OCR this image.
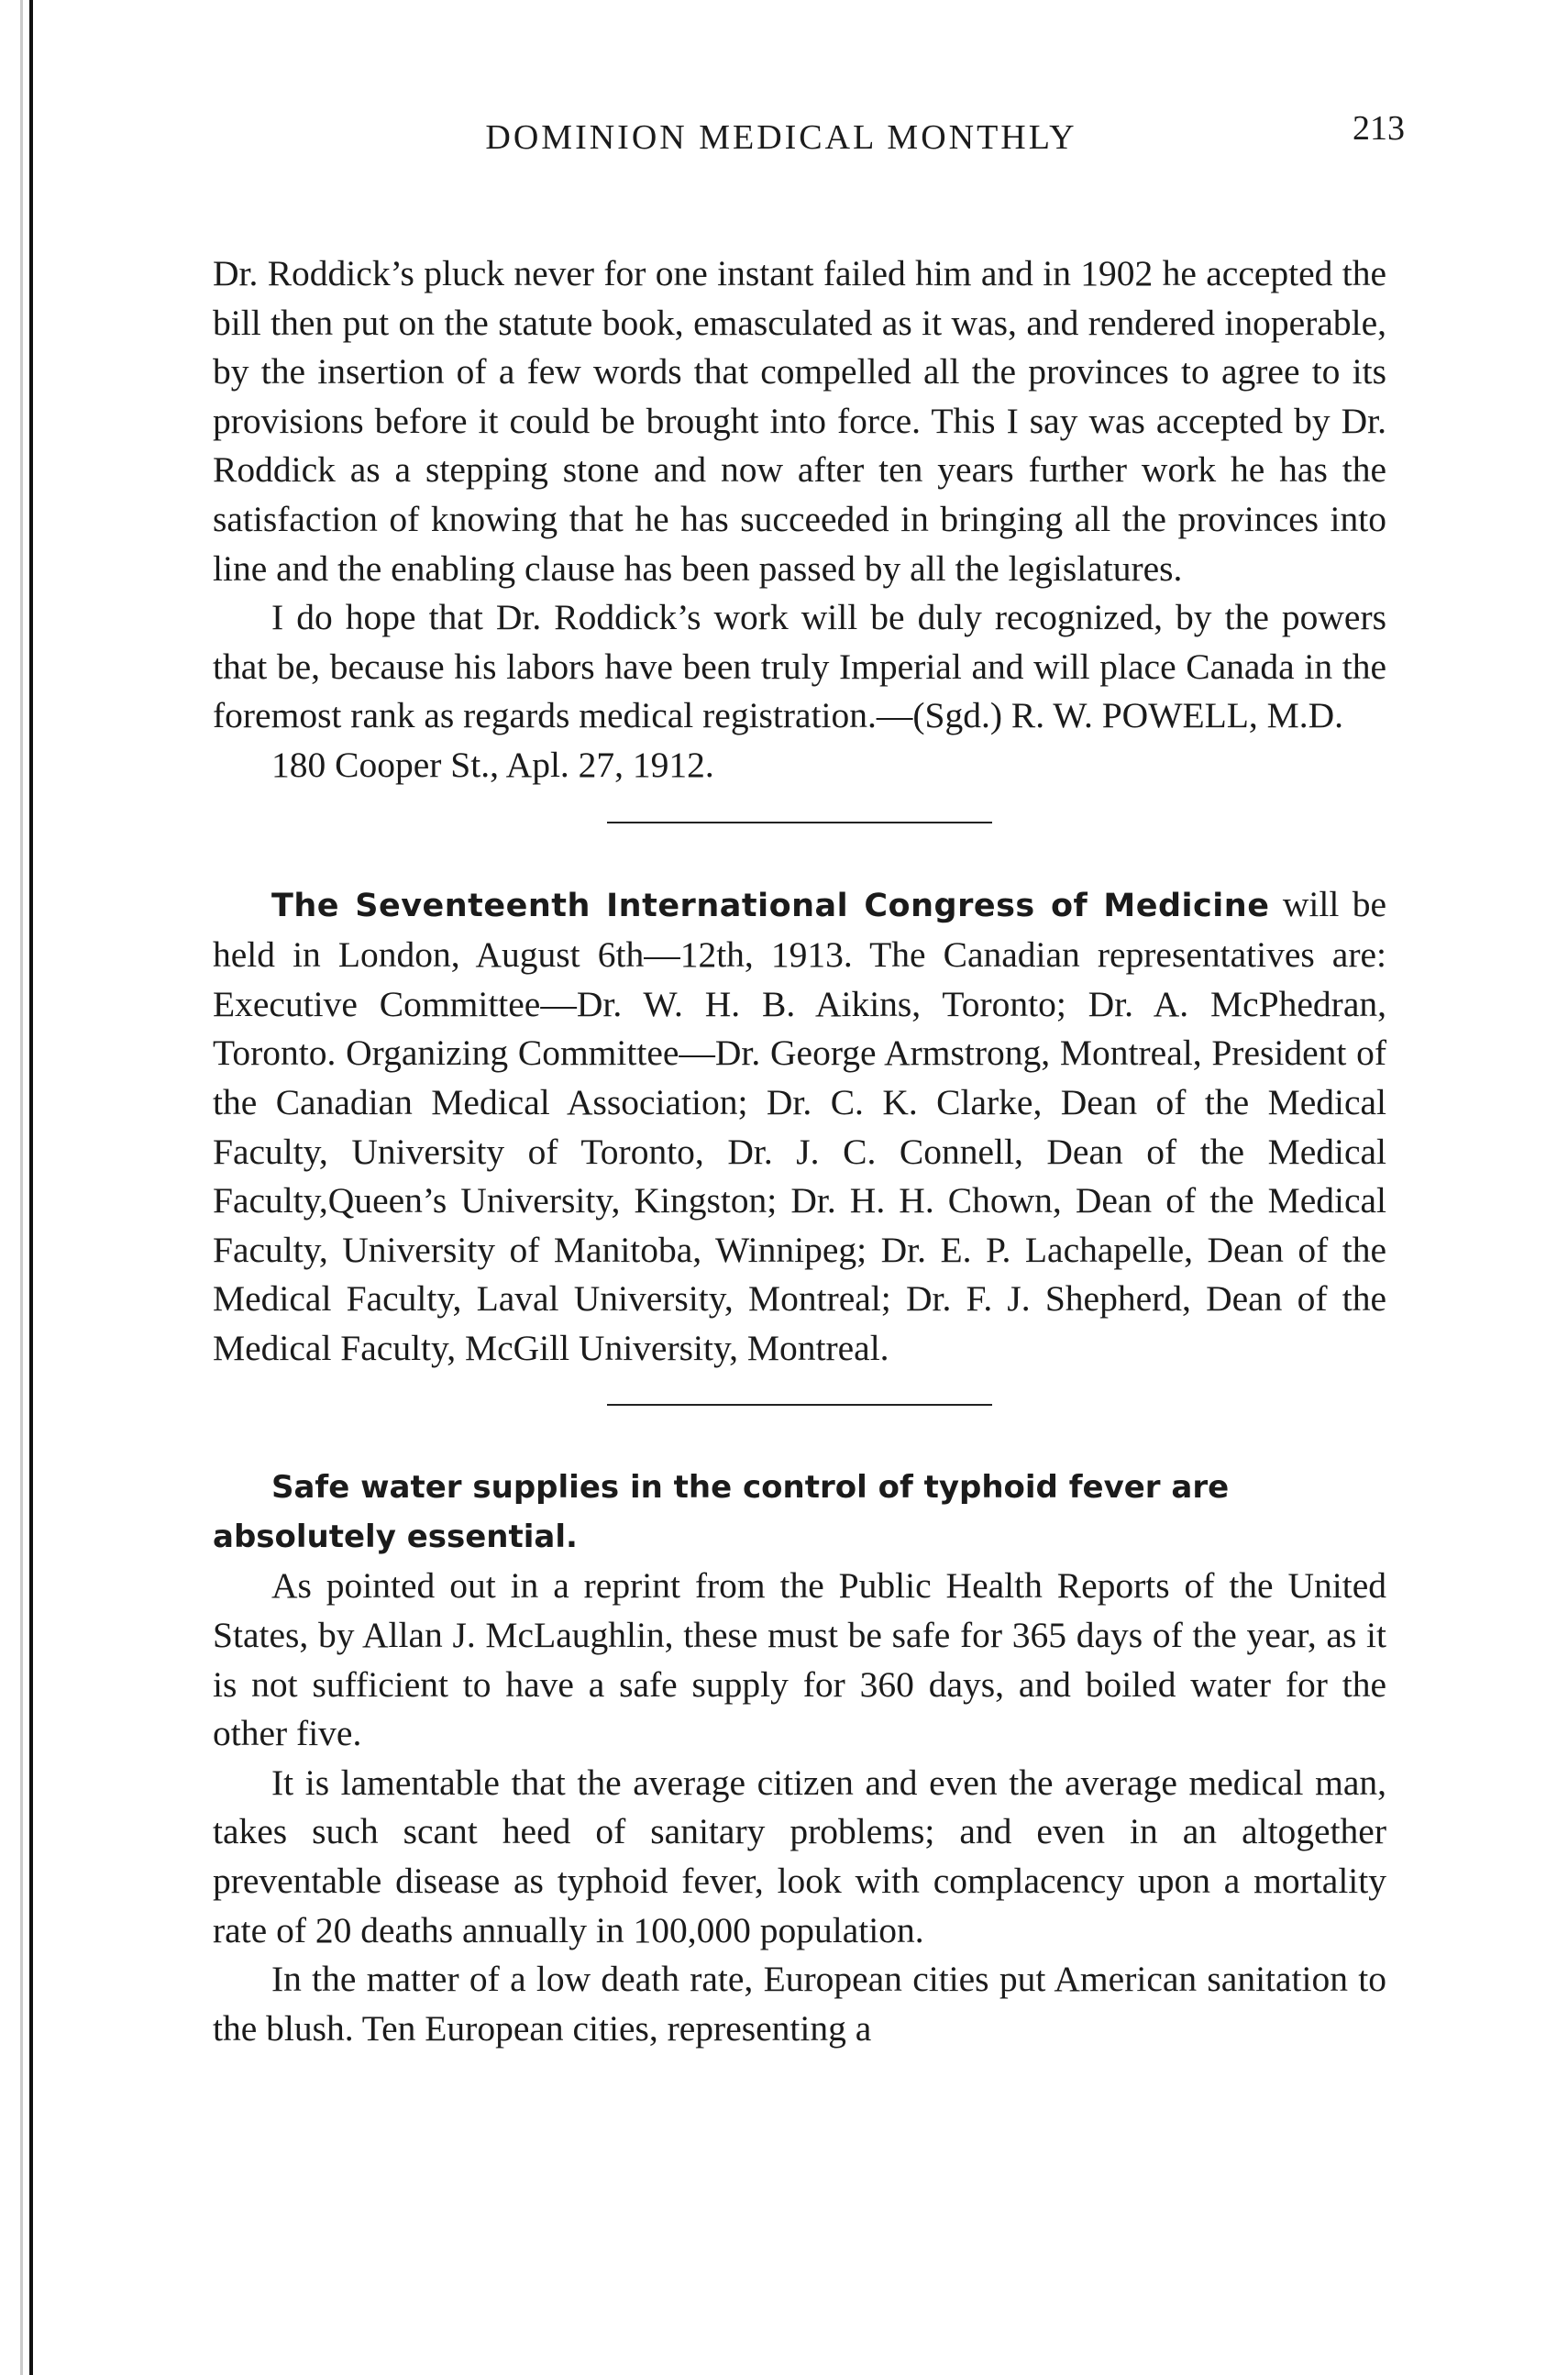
DOMINION MEDICAL MONTHLY	213

Dr. Roddick’s pluck never for one instant failed him and in 1902 he accepted the bill then put on the statute book, emasculated as it was, and rendered inoperable, by the insertion of a few words that compelled all the provinces to agree to its provisions before it could be brought into force. This I say was accepted by Dr. Roddick as a stepping stone and now after ten years further work he has the satisfaction of knowing that he has succeeded in bringing all the provinces into line and the enabling clause has been passed by all the legislatures.

I do hope that Dr. Roddick’s work will be duly recognized, by the powers that be, because his labors have been truly Imperial and will place Canada in the foremost rank as regards medical registration.—(Sgd.) R. W. POWELL, M.D.

180 Cooper St., Apl. 27, 1912.

The Seventeenth International Congress of Medicine will be held in London, August 6th—12th, 1913. The Canadian representatives are: Executive Committee—Dr. W. H. B. Aikins, Toronto; Dr. A. McPhedran, Toronto. Organizing Committee—Dr. George Armstrong, Montreal, President of the Canadian Medical Association; Dr. C. K. Clarke, Dean of the Medical Faculty, University of Toronto, Dr. J. C. Connell, Dean of the Medical Faculty,Queen’s University, Kingston; Dr. H. H. Chown, Dean of the Medical Faculty, University of Manitoba, Winnipeg; Dr. E. P. Lachapelle, Dean of the Medical Faculty, Laval University, Montreal; Dr. F. J. Shepherd, Dean of the Medical Faculty, McGill University, Montreal.

Safe water supplies in the control of typhoid fever are absolutely essential.

As pointed out in a reprint from the Public Health Reports of the United States, by Allan J. McLaughlin, these must be safe for 365 days of the year, as it is not sufficient to have a safe supply for 360 days, and boiled water for the other five.

It is lamentable that the average citizen and even the average medical man, takes such scant heed of sanitary problems; and even in an altogether preventable disease as typhoid fever, look with complacency upon a mortality rate of 20 deaths annually in 100,000 population.

In the matter of a low death rate, European cities put American sanitation to the blush. Ten European cities, representing a
